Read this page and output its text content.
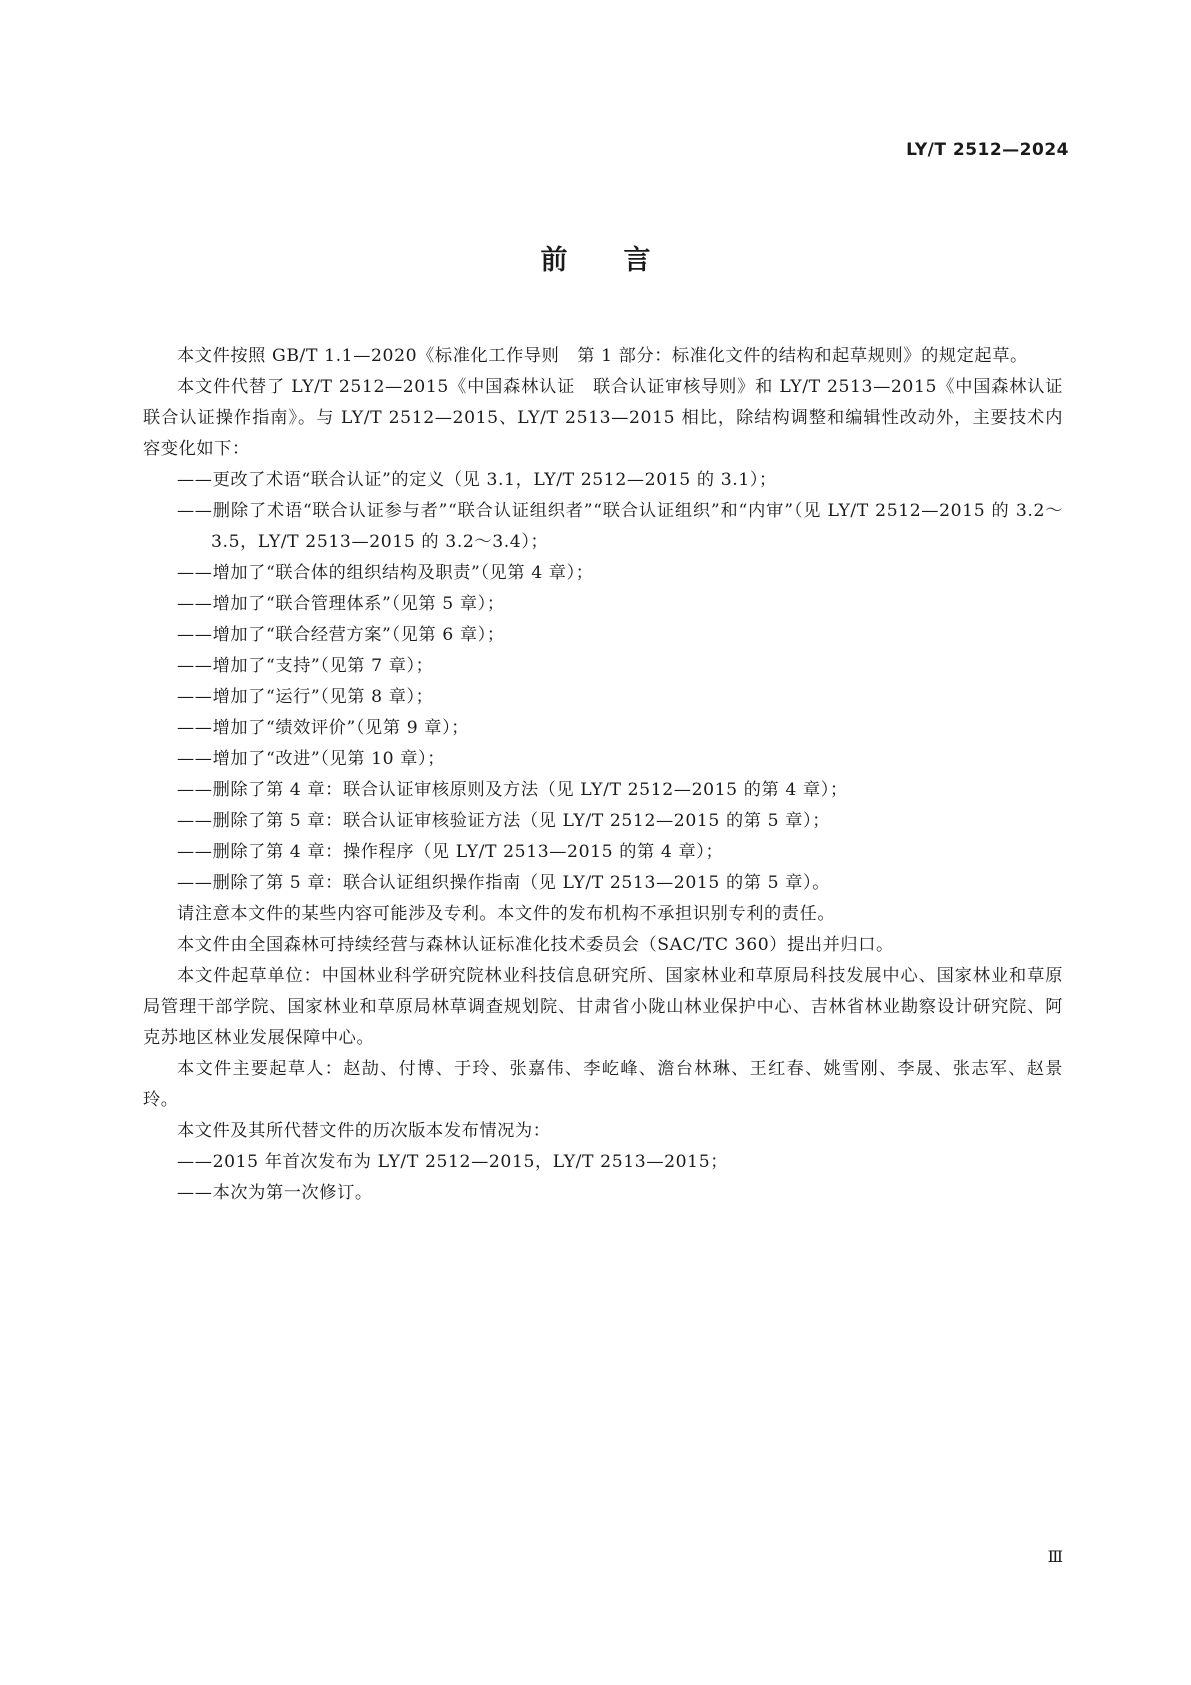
LY/T 2512—2024
前言

本文件按照 GB/T 1.1—2020《标准化工作导则　第 1 部分：标准化文件的结构和起草规则》的规定起草。

本文件代替了 LY/T 2512—2015《中国森林认证　联合认证审核导则》和 LY/T 2513—2015《中国森林认证　联合认证操作指南》。与 LY/T 2512—2015、LY/T 2513—2015 相比，除结构调整和编辑性改动外，主要技术内容变化如下：

——更改了术语“联合认证”的定义（见 3.1，LY/T 2512—2015 的 3.1）；

——删除了术语“联合认证参与者”“联合认证组织者”“联合认证组织”和“内审”（见 LY/T 2512—2015 的 3.2～3.5，LY/T 2513—2015 的 3.2～3.4）；

——增加了“联合体的组织结构及职责”（见第 4 章）；

——增加了“联合管理体系”（见第 5 章）；

——增加了“联合经营方案”（见第 6 章）；

——增加了“支持”（见第 7 章）；

——增加了“运行”（见第 8 章）；

——增加了“绩效评价”（见第 9 章）；

——增加了“改进”（见第 10 章）；

——删除了第 4 章：联合认证审核原则及方法（见 LY/T 2512—2015 的第 4 章）；

——删除了第 5 章：联合认证审核验证方法（见 LY/T 2512—2015 的第 5 章）；

——删除了第 4 章：操作程序（见 LY/T 2513—2015 的第 4 章）；

——删除了第 5 章：联合认证组织操作指南（见 LY/T 2513—2015 的第 5 章）。

请注意本文件的某些内容可能涉及专利。本文件的发布机构不承担识别专利的责任。

本文件由全国森林可持续经营与森林认证标准化技术委员会（SAC/TC 360）提出并归口。

本文件起草单位：中国林业科学研究院林业科技信息研究所、国家林业和草原局科技发展中心、国家林业和草原局管理干部学院、国家林业和草原局林草调查规划院、甘肃省小陇山林业保护中心、吉林省林业勘察设计研究院、阿克苏地区林业发展保障中心。

本文件主要起草人：赵劼、付博、于玲、张嘉伟、李屹峰、澹台林琳、王红春、姚雪刚、李晟、张志军、赵景玲。

本文件及其所代替文件的历次版本发布情况为：

——2015 年首次发布为 LY/T 2512—2015，LY/T 2513—2015；

——本次为第一次修订。

Ⅲ
